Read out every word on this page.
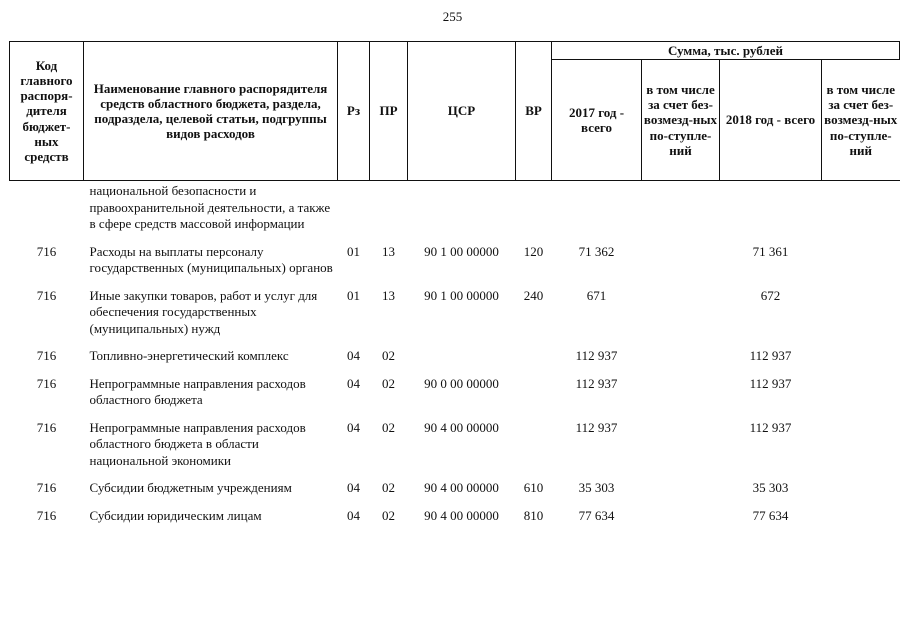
255
Код главного распоря-дителя бюджет-ных средств	Наименование главного распорядителя средств областного бюджета, раздела, подраздела, целевой статьи, подгруппы видов расходов	Рз	ПР	ЦСР	ВР	Сумма, тыс. рублей			
						2017 год - всего	в том числе за счет без-возмезд-ных по-ступле-ний	2018 год - всего	в том числе за счет без-возмезд-ных по-ступле-ний
	национальной безопасности и правоохранительной деятельности, а также в сфере средств массовой информации								
716	Расходы на выплаты персоналу государственных (муниципальных) органов	01	13	90 1 00 00000	120	71 362		71 361	
716	Иные закупки товаров, работ и услуг для обеспечения государственных (муниципальных) нужд	01	13	90 1 00 00000	240	671		672	
716	Топливно-энергетический комплекс	04	02			112 937		112 937	
716	Непрограммные направления расходов областного бюджета	04	02	90 0 00 00000		112 937		112 937	
716	Непрограммные направления расходов областного бюджета в области национальной экономики	04	02	90 4 00 00000		112 937		112 937	
716	Субсидии бюджетным учреждениям	04	02	90 4 00 00000	610	35 303		35 303	
716	Субсидии юридическим лицам	04	02	90 4 00 00000	810	77 634		77 634	
